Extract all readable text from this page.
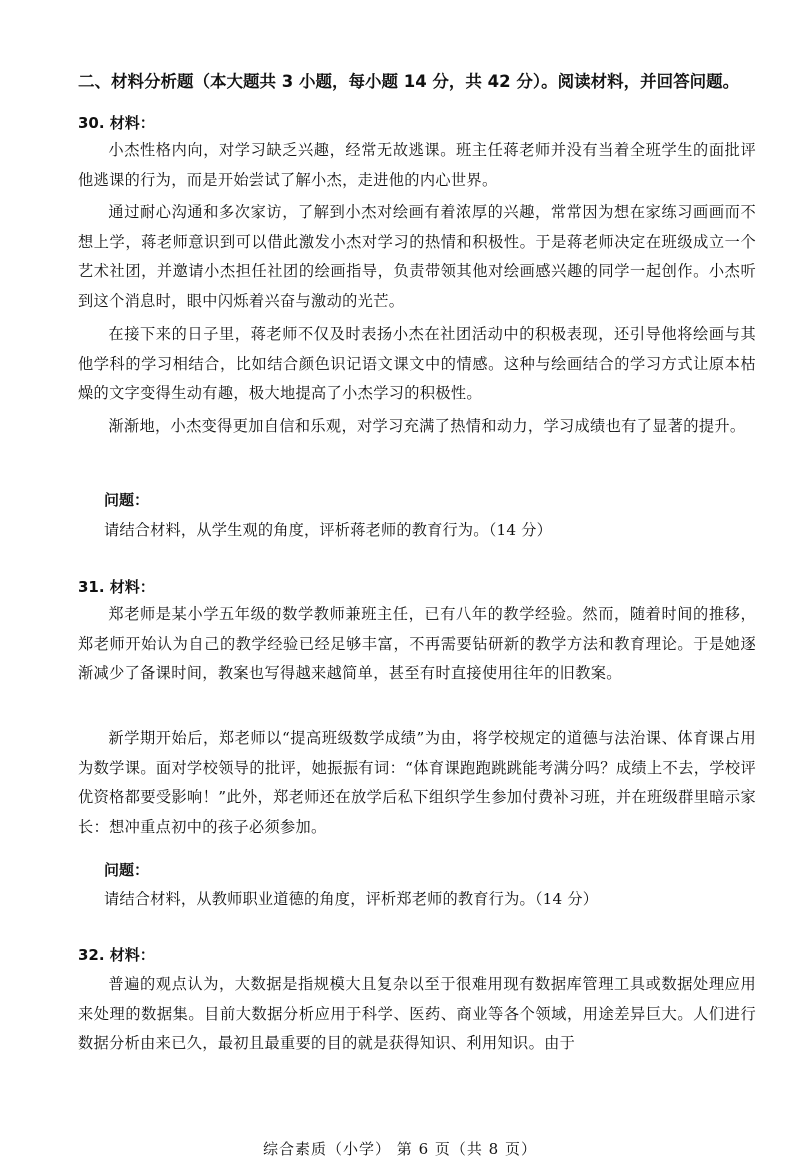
二、材料分析题（本大题共 3 小题，每小题 14 分，共 42 分）。阅读材料，并回答问题。
30. 材料：

小杰性格内向，对学习缺乏兴趣，经常无故逃课。班主任蒋老师并没有当着全班学生的面批评他逃课的行为，而是开始尝试了解小杰，走进他的内心世界。

通过耐心沟通和多次家访，了解到小杰对绘画有着浓厚的兴趣，常常因为想在家练习画画而不想上学，蒋老师意识到可以借此激发小杰对学习的热情和积极性。于是蒋老师决定在班级成立一个艺术社团，并邀请小杰担任社团的绘画指导，负责带领其他对绘画感兴趣的同学一起创作。小杰听到这个消息时，眼中闪烁着兴奋与激动的光芒。

在接下来的日子里，蒋老师不仅及时表扬小杰在社团活动中的积极表现，还引导他将绘画与其他学科的学习相结合，比如结合颜色识记语文课文中的情感。这种与绘画结合的学习方式让原本枯燥的文字变得生动有趣，极大地提高了小杰学习的积极性。

渐渐地，小杰变得更加自信和乐观，对学习充满了热情和动力，学习成绩也有了显著的提升。

问题：
请结合材料，从学生观的角度，评析蒋老师的教育行为。（14 分）
31. 材料：

郑老师是某小学五年级的数学教师兼班主任，已有八年的教学经验。然而，随着时间的推移，郑老师开始认为自己的教学经验已经足够丰富，不再需要钻研新的教学方法和教育理论。于是她逐渐减少了备课时间，教案也写得越来越简单，甚至有时直接使用往年的旧教案。

新学期开始后，郑老师以“提高班级数学成绩”为由，将学校规定的道德与法治课、体育课占用为数学课。面对学校领导的批评，她振振有词：“体育课跑跑跳跳能考满分吗？成绩上不去，学校评优资格都要受影响！”此外，郑老师还在放学后私下组织学生参加付费补习班，并在班级群里暗示家长：想冲重点初中的孩子必须参加。

问题：
请结合材料，从教师职业道德的角度，评析郑老师的教育行为。（14 分）
32. 材料：

普遍的观点认为，大数据是指规模大且复杂以至于很难用现有数据库管理工具或数据处理应用来处理的数据集。目前大数据分析应用于科学、医药、商业等各个领域，用途差异巨大。人们进行数据分析由来已久，最初且最重要的目的就是获得知识、利用知识。由于

综合素质（小学） 第 6 页（共 8 页）
